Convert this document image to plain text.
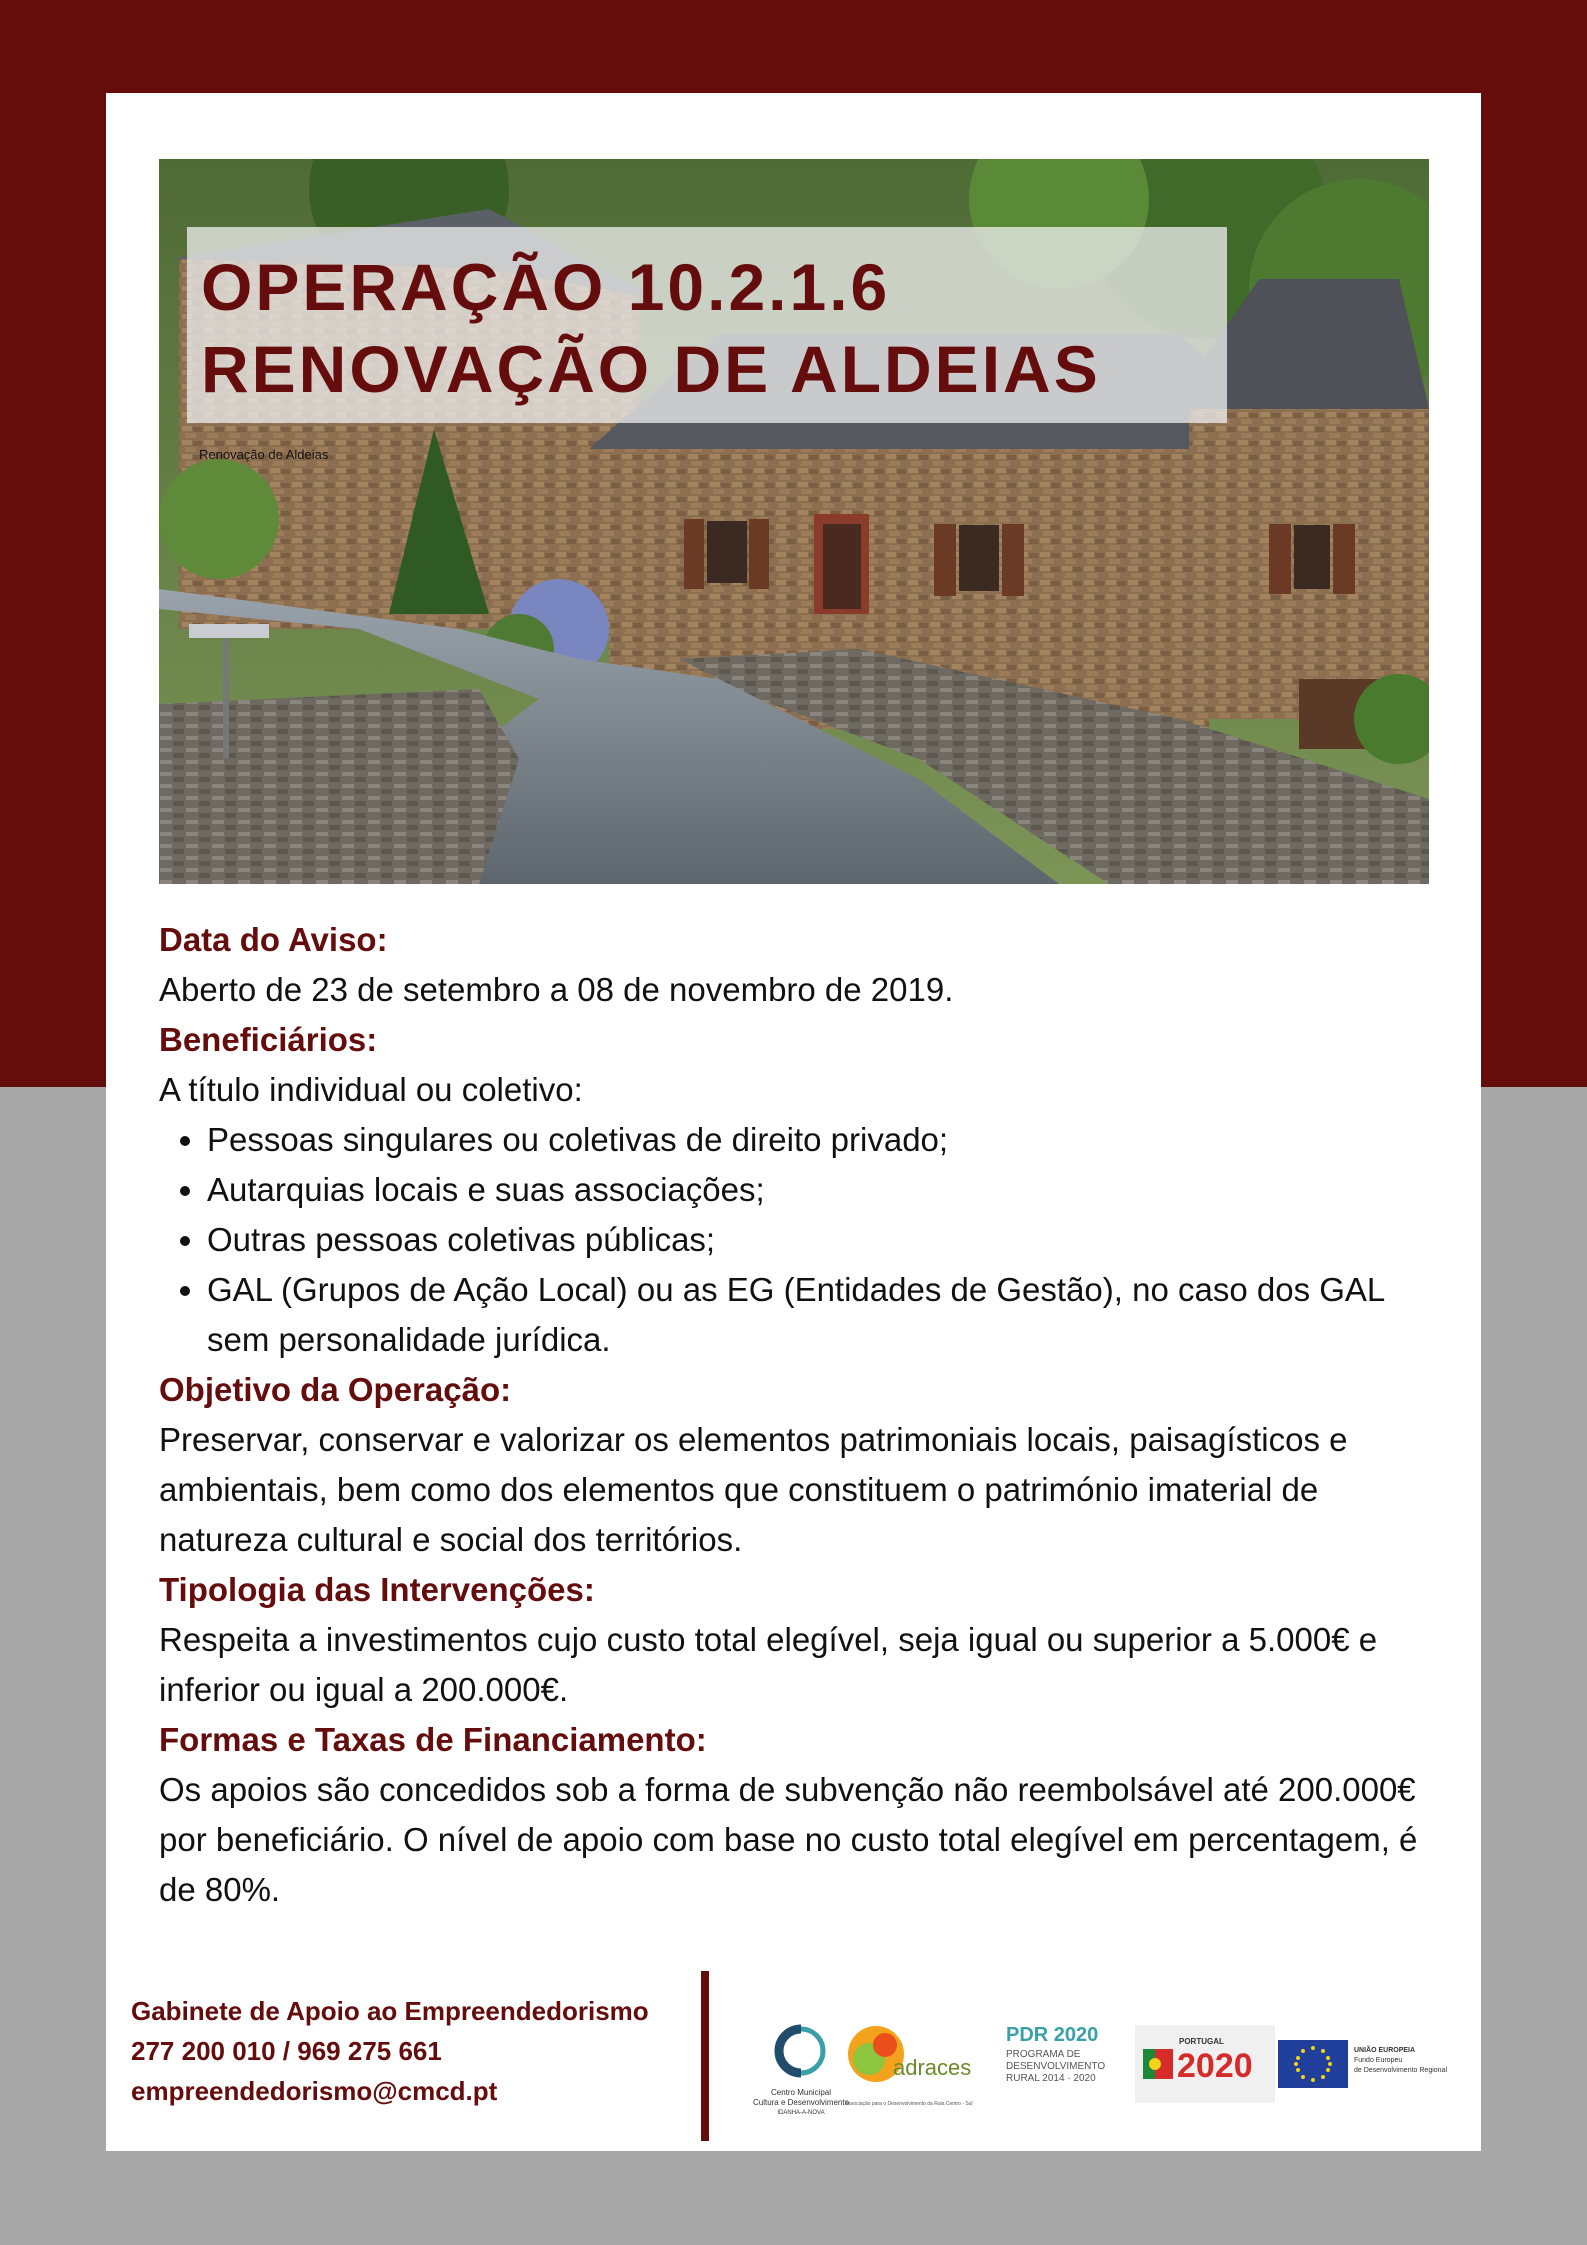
OPERAÇÃO 10.2.1.6
RENOVAÇÃO DE ALDEIAS
Renovação de Aldeias

Data do Aviso:

Aberto de 23 de setembro a 08 de novembro de 2019.

Beneficiários:

A título individual ou coletivo:

• Pessoas singulares ou coletivas de direito privado;
• Autarquias locais e suas associações;
• Outras pessoas coletivas públicas;
• GAL (Grupos de Ação Local) ou as EG (Entidades de Gestão), no caso dos GAL sem personalidade jurídica.

Objetivo da Operação:

Preservar, conservar e valorizar os elementos patrimoniais locais, paisagísticos e ambientais, bem como dos elementos que constituem o património imaterial de natureza cultural e social dos territórios.

Tipologia das Intervenções:

Respeita a investimentos cujo custo total elegível, seja igual ou superior a 5.000€ e inferior ou igual a 200.000€.

Formas e Taxas de Financiamento:

Os apoios são concedidos sob a forma de subvenção não reembolsável até 200.000€ por beneficiário. O nível de apoio com base no custo total elegível em percentagem, é de 80%.

Gabinete de Apoio ao Empreendedorismo

277 200 010 / 969 275 661

empreendedorismo@cmcd.pt	Centro Municipal
Cultura e Desenvolvimento
IDANHA-A-NOVA
adraces
Associação para o Desenvolvimento da Raia Centro - Sul
PDR 2020
PROGRAMA DE
DESENVOLVIMENTO
RURAL 2014 · 2020
PORTUGAL
2020	UNIÃO EUROPEIA
Fundo Europeu
de Desenvolvimento Regional
